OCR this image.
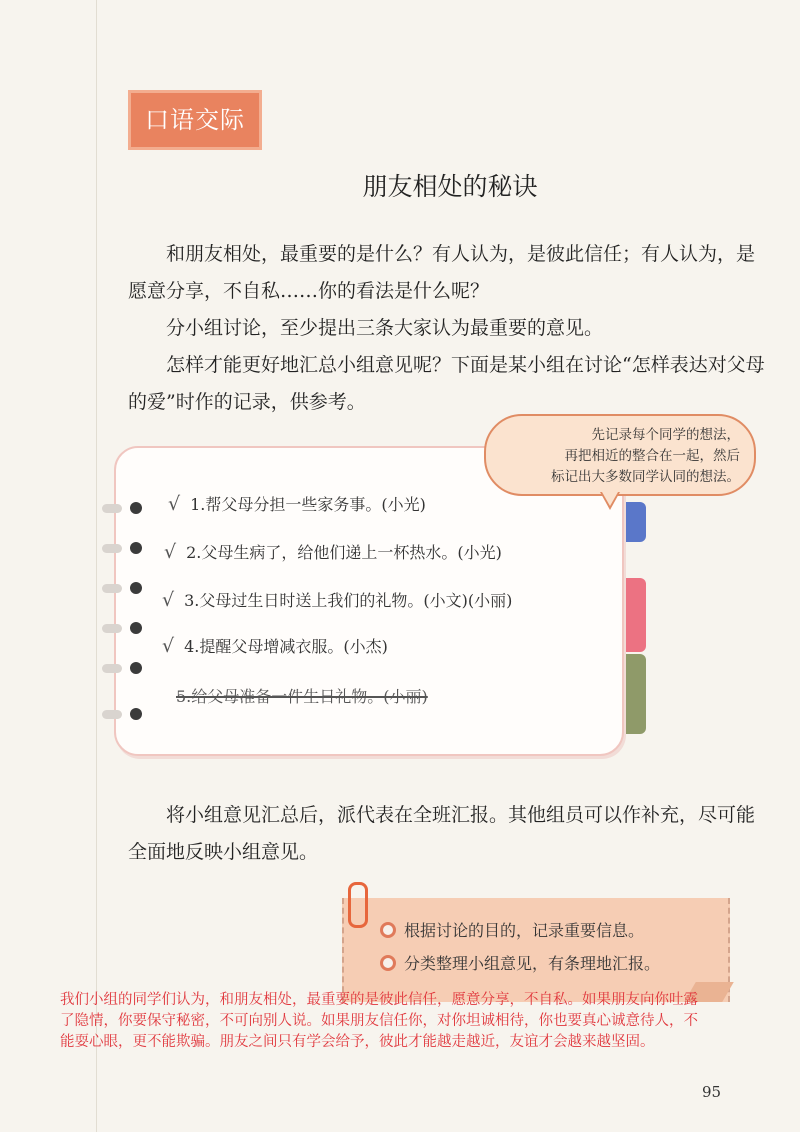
口语交际
朋友相处的秘诀

和朋友相处，最重要的是什么？有人认为，是彼此信任；有人认为，是愿意分享，不自私……你的看法是什么呢？

分小组讨论，至少提出三条大家认为最重要的意见。

怎样才能更好地汇总小组意见呢？下面是某小组在讨论“怎样表达对父母的爱”时作的记录，供参考。

√ 1.帮父母分担一些家务事。(小光)
√ 2.父母生病了，给他们递上一杯热水。(小光)
√ 3.父母过生日时送上我们的礼物。(小文)(小丽)
√ 4.提醒父母增减衣服。(小杰)
5.给父母准备一件生日礼物。(小丽)
先记录每个同学的想法，
再把相近的整合在一起，然后
标记出大多数同学认同的想法。

将小组意见汇总后，派代表在全班汇报。其他组员可以作补充，尽可能全面地反映小组意见。

根据讨论的目的，记录重要信息。
分类整理小组意见，有条理地汇报。

我们小组的同学们认为，和朋友相处，最重要的是彼此信任，愿意分享，不自私。如果朋友向你吐露了隐情，你要保守秘密，不可向别人说。如果朋友信任你，对你坦诚相待，你也要真心诚意待人，不能耍心眼，更不能欺骗。朋友之间只有学会给予，彼此才能越走越近，友谊才会越来越坚固。

95
